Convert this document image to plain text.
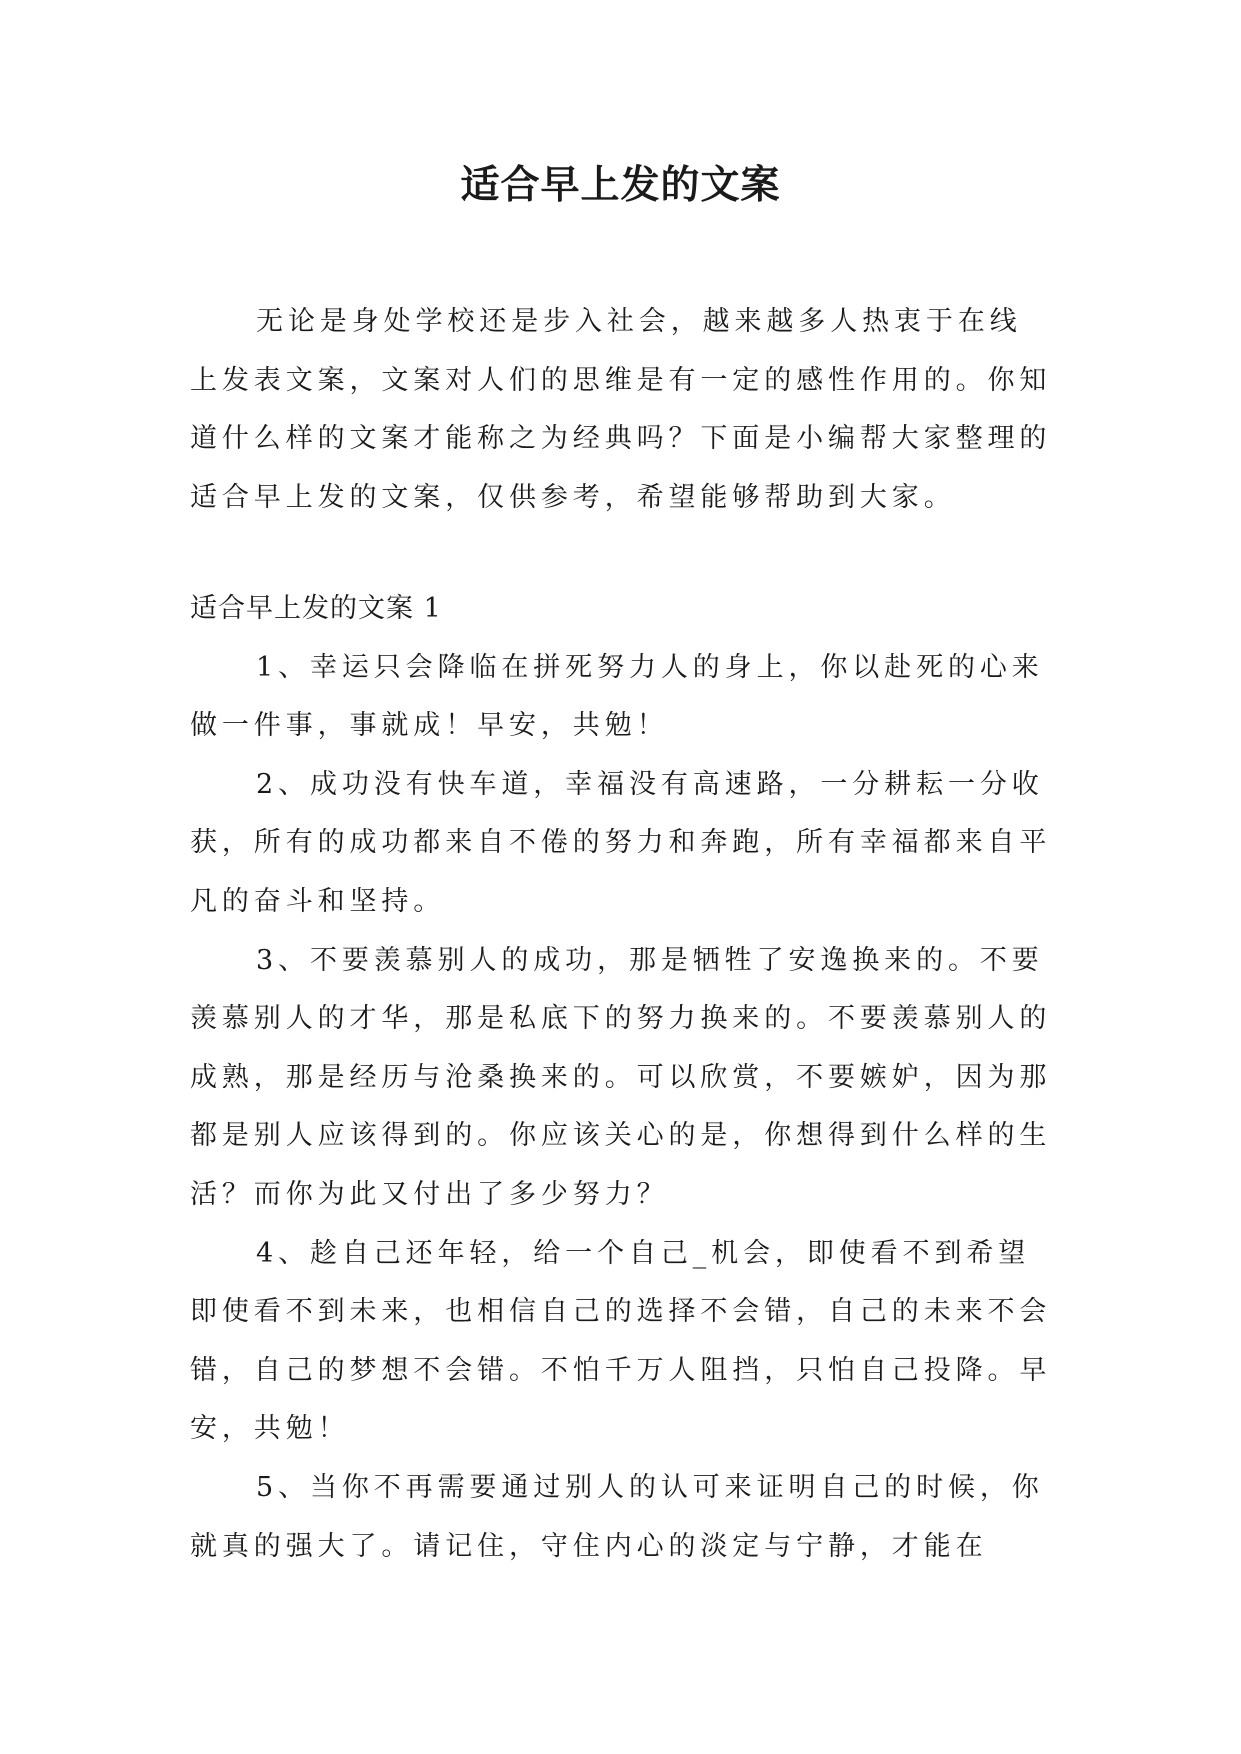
适合早上发的文案

无论是身处学校还是步入社会，越来越多人热衷于在线上发表文案，文案对人们的思维是有一定的感性作用的。你知道什么样的文案才能称之为经典吗？下面是小编帮大家整理的适合早上发的文案，仅供参考，希望能够帮助到大家。

适合早上发的文案 1

1、幸运只会降临在拼死努力人的身上，你以赴死的心来做一件事，事就成！早安，共勉！

2、成功没有快车道，幸福没有高速路，一分耕耘一分收获，所有的成功都来自不倦的努力和奔跑，所有幸福都来自平凡的奋斗和坚持。

3、不要羡慕别人的成功，那是牺牲了安逸换来的。不要羡慕别人的才华，那是私底下的努力换来的。不要羡慕别人的成熟，那是经历与沧桑换来的。可以欣赏，不要嫉妒，因为那都是别人应该得到的。你应该关心的是，你想得到什么样的生活？而你为此又付出了多少努力？

4、趁自己还年轻，给一个自己_机会，即使看不到希望即使看不到未来，也相信自己的选择不会错，自己的未来不会错，自己的梦想不会错。不怕千万人阻挡，只怕自己投降。早安，共勉！

5、当你不再需要通过别人的认可来证明自己的时候，你就真的强大了。请记住，守住内心的淡定与宁静，才能在
